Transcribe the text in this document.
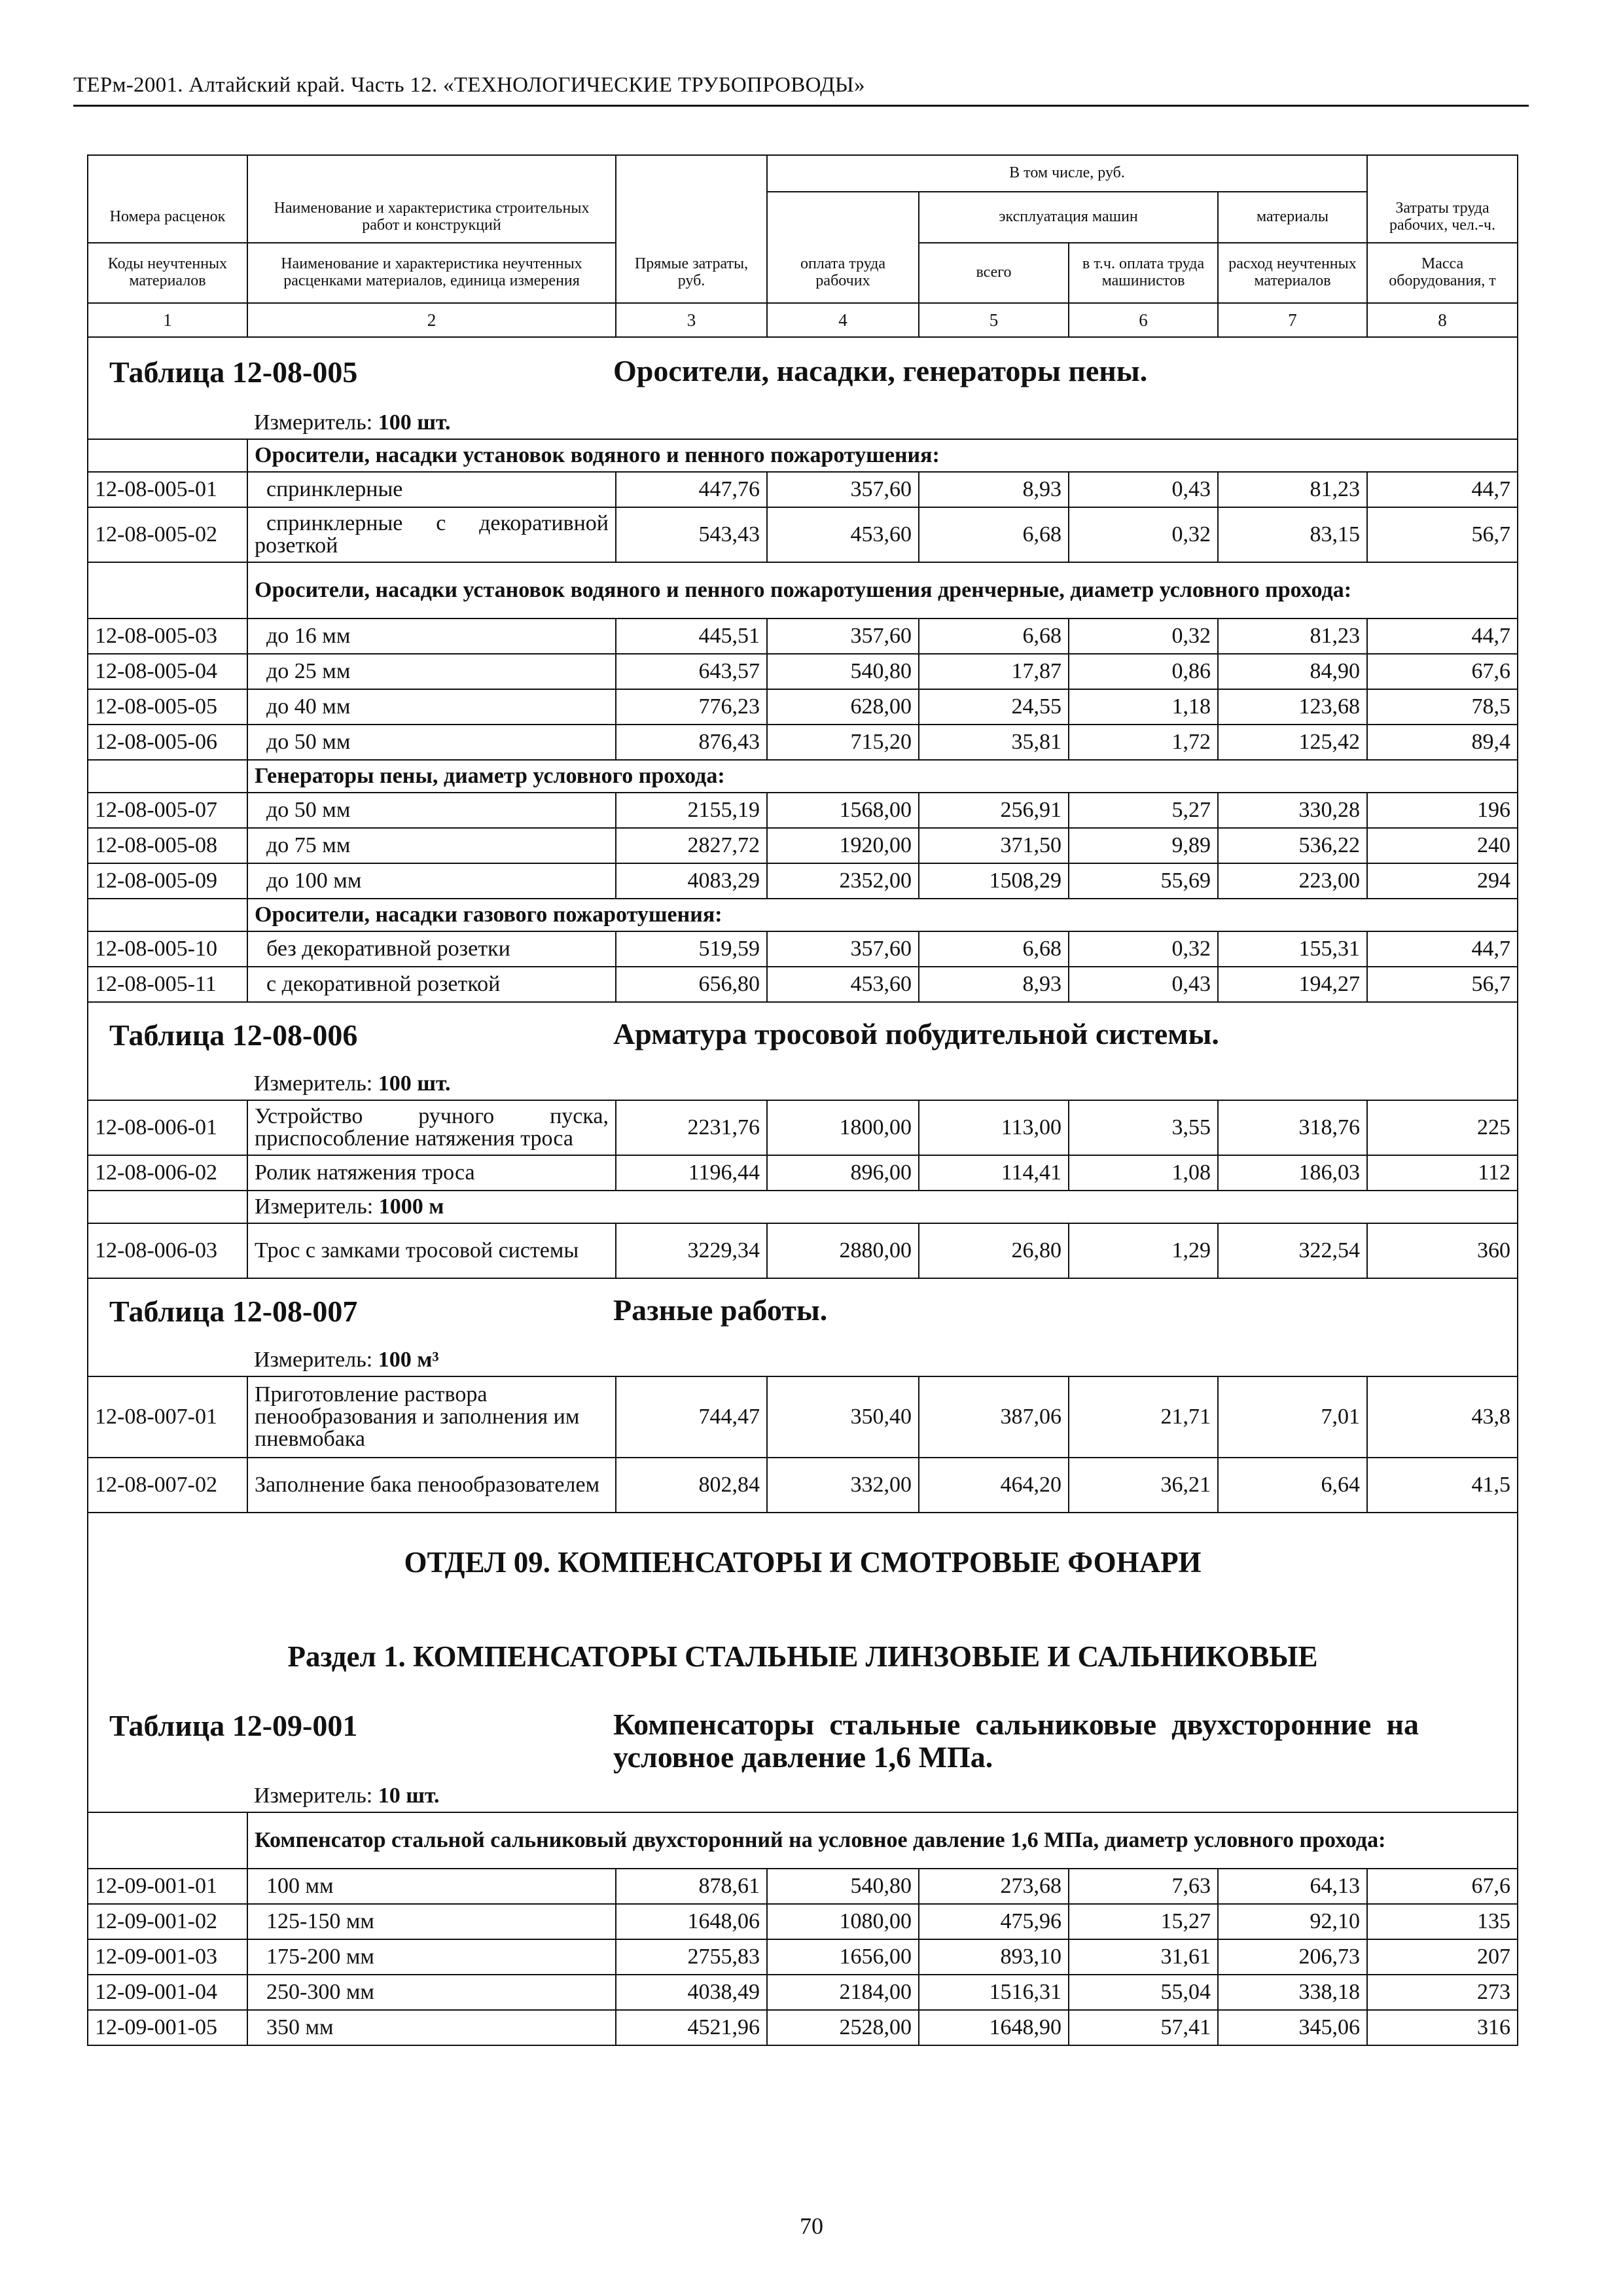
ТЕРм-2001. Алтайский край. Часть 12. «ТЕХНОЛОГИЧЕСКИЕ ТРУБОПРОВОДЫ»
			В том числе, руб.				
Номера расценок	Наименование и характеристика строительных работ и конструкций			эксплуатация машин		материалы	Затраты труда рабочих, чел.-ч.
Коды неучтенных материалов	Наименование и характеристика неучтенных расценками материалов, единица измерения	Прямые затраты, руб.	оплата труда рабочих	всего	в т.ч. оплата труда машинистов	расход неучтенных материалов	Масса оборудования, т
1	2	3	4	5	6	7	8

Таблица 12-08-005 Оросители, насадки, генераторы пены.							

	Измеритель: 100 шт.						
	Оросители, насадки установок водяного и пенного пожаротушения:						
12-08-005-01	спринклерные	447,76	357,60	8,93	0,43	81,23	44,7
12-08-005-02	спринклерные с декоративной розеткой	543,43	453,60	6,68	0,32	83,15	56,7
	Оросители, насадки установок водяного и пенного пожаротушения дренчерные, диаметр условного прохода:						
12-08-005-03	до 16 мм	445,51	357,60	6,68	0,32	81,23	44,7
12-08-005-04	до 25 мм	643,57	540,80	17,87	0,86	84,90	67,6
12-08-005-05	до 40 мм	776,23	628,00	24,55	1,18	123,68	78,5
12-08-005-06	до 50 мм	876,43	715,20	35,81	1,72	125,42	89,4
	Генераторы пены, диаметр условного прохода:						
12-08-005-07	до 50 мм	2155,19	1568,00	256,91	5,27	330,28	196
12-08-005-08	до 75 мм	2827,72	1920,00	371,50	9,89	536,22	240
12-08-005-09	до 100 мм	4083,29	2352,00	1508,29	55,69	223,00	294
	Оросители, насадки газового пожаротушения:						
12-08-005-10	без декоративной розетки	519,59	357,60	6,68	0,32	155,31	44,7
12-08-005-11	с декоративной розеткой	656,80	453,60	8,93	0,43	194,27	56,7

Таблица 12-08-006 Арматура тросовой побудительной системы.							

	Измеритель: 100 шт.						
12-08-006-01	Устройство ручного пуска, приспособление натяжения троса	2231,76	1800,00	113,00	3,55	318,76	225
12-08-006-02	Ролик натяжения троса	1196,44	896,00	114,41	1,08	186,03	112
	Измеритель: 1000 м						
12-08-006-03	Трос с замками тросовой системы	3229,34	2880,00	26,80	1,29	322,54	360

Таблица 12-08-007 Разные работы.							

	Измеритель: 100 м³						
12-08-007-01	Приготовление раствора пенообразования и заполнения им пневмобака	744,47	350,40	387,06	21,71	7,01	43,8
12-08-007-02	Заполнение бака пенообразователем	802,84	332,00	464,20	36,21	6,64	41,5
ОТДЕЛ 09. КОМПЕНСАТОРЫ И СМОТРОВЫЕ ФОНАРИ							
Раздел 1. КОМПЕНСАТОРЫ СТАЛЬНЫЕ ЛИНЗОВЫЕ И САЛЬНИКОВЫЕ							

Таблица 12-09-001 Компенсаторы стальные сальниковые двухсторонние на условное давление 1,6 МПа.							

	Измеритель: 10 шт.						
	Компенсатор стальной сальниковый двухсторонний на условное давление 1,6 МПа, диаметр условного прохода:						
12-09-001-01	100 мм	878,61	540,80	273,68	7,63	64,13	67,6
12-09-001-02	125-150 мм	1648,06	1080,00	475,96	15,27	92,10	135
12-09-001-03	175-200 мм	2755,83	1656,00	893,10	31,61	206,73	207
12-09-001-04	250-300 мм	4038,49	2184,00	1516,31	55,04	338,18	273
12-09-001-05	350 мм	4521,96	2528,00	1648,90	57,41	345,06	316
70
